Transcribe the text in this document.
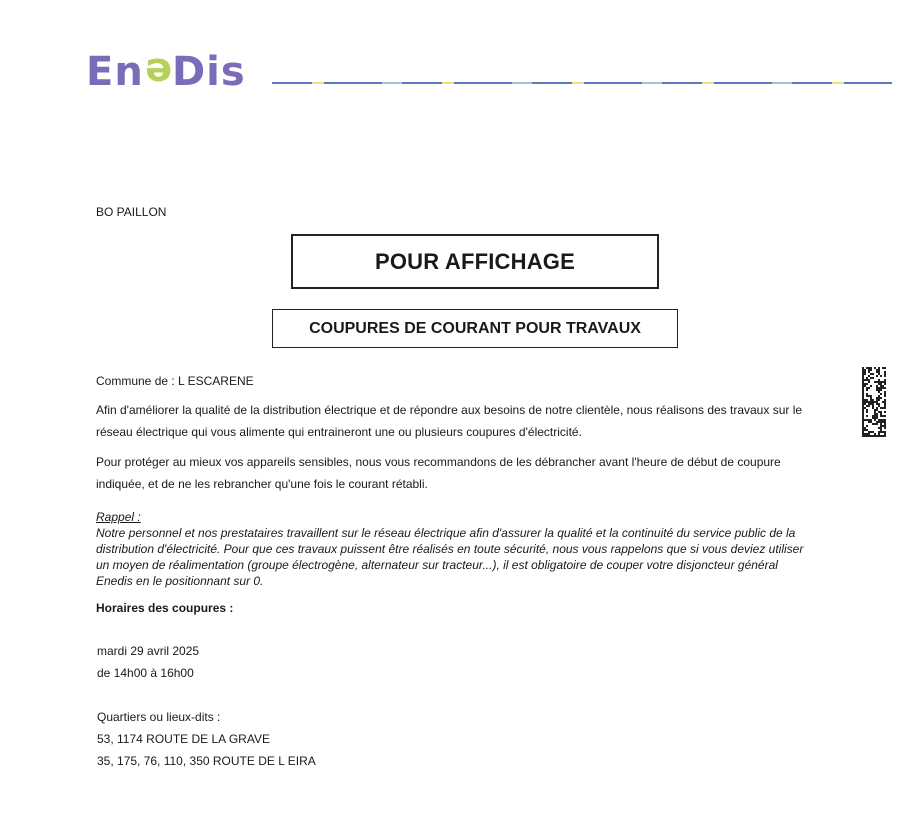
En e Dis
BO PAILLON
POUR AFFICHAGE
COUPURES DE COURANT POUR TRAVAUX
Commune de : L ESCARENE
Afin d'améliorer la qualité de la distribution électrique et de répondre aux besoins de notre clientèle, nous réalisons des travaux sur le réseau électrique qui vous alimente qui entraineront une ou plusieurs coupures d'électricité.
Pour protéger au mieux vos appareils sensibles, nous vous recommandons de les débrancher avant l'heure de début de coupure indiquée, et de ne les rebrancher qu'une fois le courant rétabli.
Rappel :
Notre personnel et nos prestataires travaillent sur le réseau électrique afin d'assurer la qualité et la continuité du service public de la distribution d'électricité. Pour que ces travaux puissent être réalisés en toute sécurité, nous vous rappelons que si vous deviez utiliser un moyen de réalimentation (groupe électrogène, alternateur sur tracteur...), il est obligatoire de couper votre disjoncteur général Enedis en le positionnant sur 0.
Horaires des coupures :
mardi 29 avril 2025
de 14h00 à 16h00
Quartiers ou lieux-dits :
53, 1174 ROUTE DE LA GRAVE
35, 175, 76, 110, 350 ROUTE DE L EIRA
